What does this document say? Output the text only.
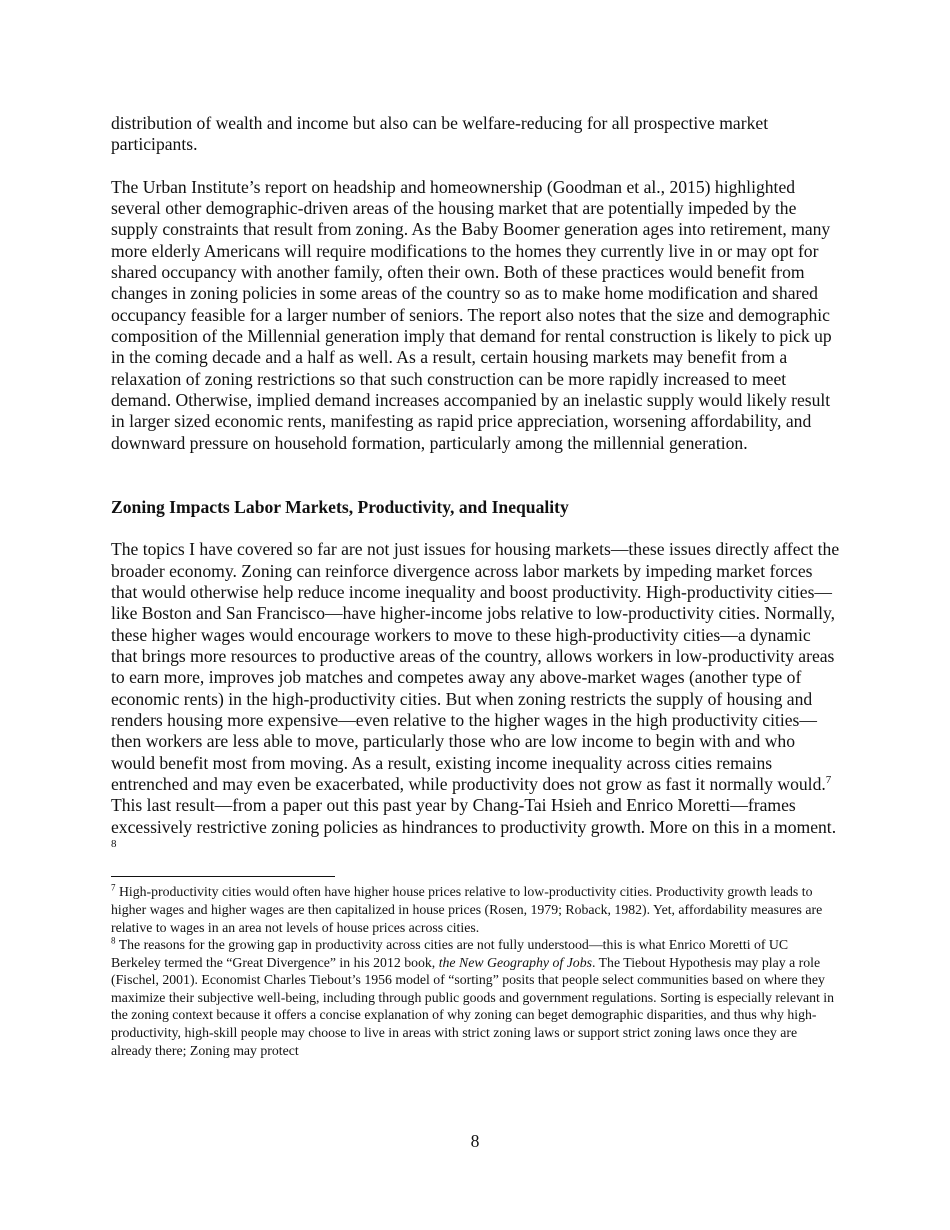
distribution of wealth and income but also can be welfare-reducing for all prospective market participants.

The Urban Institute’s report on headship and homeownership (Goodman et al., 2015) highlighted several other demographic-driven areas of the housing market that are potentially impeded by the supply constraints that result from zoning. As the Baby Boomer generation ages into retirement, many more elderly Americans will require modifications to the homes they currently live in or may opt for shared occupancy with another family, often their own. Both of these practices would benefit from changes in zoning policies in some areas of the country so as to make home modification and shared occupancy feasible for a larger number of seniors. The report also notes that the size and demographic composition of the Millennial generation imply that demand for rental construction is likely to pick up in the coming decade and a half as well. As a result, certain housing markets may benefit from a relaxation of zoning restrictions so that such construction can be more rapidly increased to meet demand. Otherwise, implied demand increases accompanied by an inelastic supply would likely result in larger sized economic rents, manifesting as rapid price appreciation, worsening affordability, and downward pressure on household formation, particularly among the millennial generation.

Zoning Impacts Labor Markets, Productivity, and Inequality

The topics I have covered so far are not just issues for housing markets—these issues directly affect the broader economy. Zoning can reinforce divergence across labor markets by impeding market forces that would otherwise help reduce income inequality and boost productivity. High-productivity cities—like Boston and San Francisco—have higher-income jobs relative to low-productivity cities. Normally, these higher wages would encourage workers to move to these high-productivity cities—a dynamic that brings more resources to productive areas of the country, allows workers in low-productivity areas to earn more, improves job matches and competes away any above-market wages (another type of economic rents) in the high-productivity cities. But when zoning restricts the supply of housing and renders housing more expensive—even relative to the higher wages in the high productivity cities—then workers are less able to move, particularly those who are low income to begin with and who would benefit most from moving. As a result, existing income inequality across cities remains entrenched and may even be exacerbated, while productivity does not grow as fast it normally would.$^7$ This last result—from a paper out this past year by Chang-Tai Hsieh and Enrico Moretti—frames excessively restrictive zoning policies as hindrances to productivity growth. More on this in a moment. $^8$

$^7$ High-productivity cities would often have higher house prices relative to low-productivity cities. Productivity growth leads to higher wages and higher wages are then capitalized in house prices (Rosen, 1979; Roback, 1982). Yet, affordability measures are relative to wages in an area not levels of house prices across cities.

$^8$ The reasons for the growing gap in productivity across cities are not fully understood—this is what Enrico Moretti of UC Berkeley termed the “Great Divergence” in his 2012 book, the New Geography of Jobs. The Tiebout Hypothesis may play a role (Fischel, 2001). Economist Charles Tiebout’s 1956 model of “sorting” posits that people select communities based on where they maximize their subjective well-being, including through public goods and government regulations. Sorting is especially relevant in the zoning context because it offers a concise explanation of why zoning can beget demographic disparities, and thus why high-productivity, high-skill people may choose to live in areas with strict zoning laws or support strict zoning laws once they are already there; Zoning may protect

8
